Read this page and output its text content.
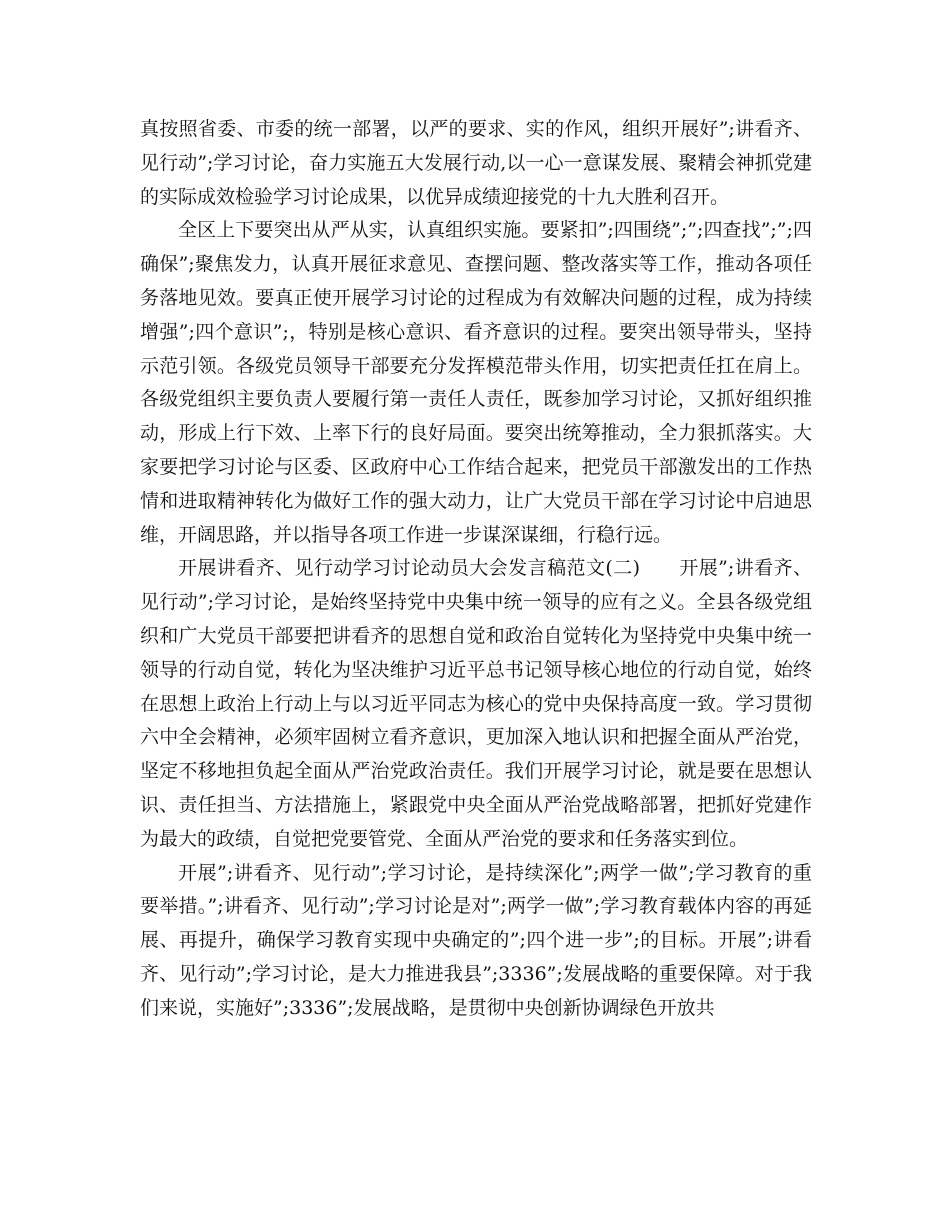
真按照省委、市委的统一部署，以严的要求、实的作风，组织开展好”;讲看齐、见行动”;学习讨论，奋力实施五大发展行动,以一心一意谋发展、聚精会神抓党建的实际成效检验学习讨论成果，以优异成绩迎接党的十九大胜利召开。

全区上下要突出从严从实，认真组织实施。要紧扣”;四围绕”;”;四查找”;”;四确保”;聚焦发力，认真开展征求意见、查摆问题、整改落实等工作，推动各项任务落地见效。要真正使开展学习讨论的过程成为有效解决问题的过程，成为持续增强”;四个意识”;，特别是核心意识、看齐意识的过程。要突出领导带头，坚持示范引领。各级党员领导干部要充分发挥模范带头作用，切实把责任扛在肩上。各级党组织主要负责人要履行第一责任人责任，既参加学习讨论，又抓好组织推动，形成上行下效、上率下行的良好局面。要突出统筹推动，全力狠抓落实。大家要把学习讨论与区委、区政府中心工作结合起来，把党员干部激发出的工作热情和进取精神转化为做好工作的强大动力，让广大党员干部在学习讨论中启迪思维，开阔思路，并以指导各项工作进一步谋深谋细，行稳行远。

开展讲看齐、见行动学习讨论动员大会发言稿范文(二)　　开展”;讲看齐、见行动”;学习讨论，是始终坚持党中央集中统一领导的应有之义。全县各级党组织和广大党员干部要把讲看齐的思想自觉和政治自觉转化为坚持党中央集中统一领导的行动自觉，转化为坚决维护习近平总书记领导核心地位的行动自觉，始终在思想上政治上行动上与以习近平同志为核心的党中央保持高度一致。学习贯彻六中全会精神，必须牢固树立看齐意识，更加深入地认识和把握全面从严治党，坚定不移地担负起全面从严治党政治责任。我们开展学习讨论，就是要在思想认识、责任担当、方法措施上，紧跟党中央全面从严治党战略部署，把抓好党建作为最大的政绩，自觉把党要管党、全面从严治党的要求和任务落实到位。

开展”;讲看齐、见行动”;学习讨论，是持续深化”;两学一做”;学习教育的重要举措。”;讲看齐、见行动”;学习讨论是对”;两学一做”;学习教育载体内容的再延展、再提升，确保学习教育实现中央确定的”;四个进一步”;的目标。开展”;讲看齐、见行动”;学习讨论，是大力推进我县”;3336”;发展战略的重要保障。对于我们来说，实施好”;3336”;发展战略，是贯彻中央创新协调绿色开放共
